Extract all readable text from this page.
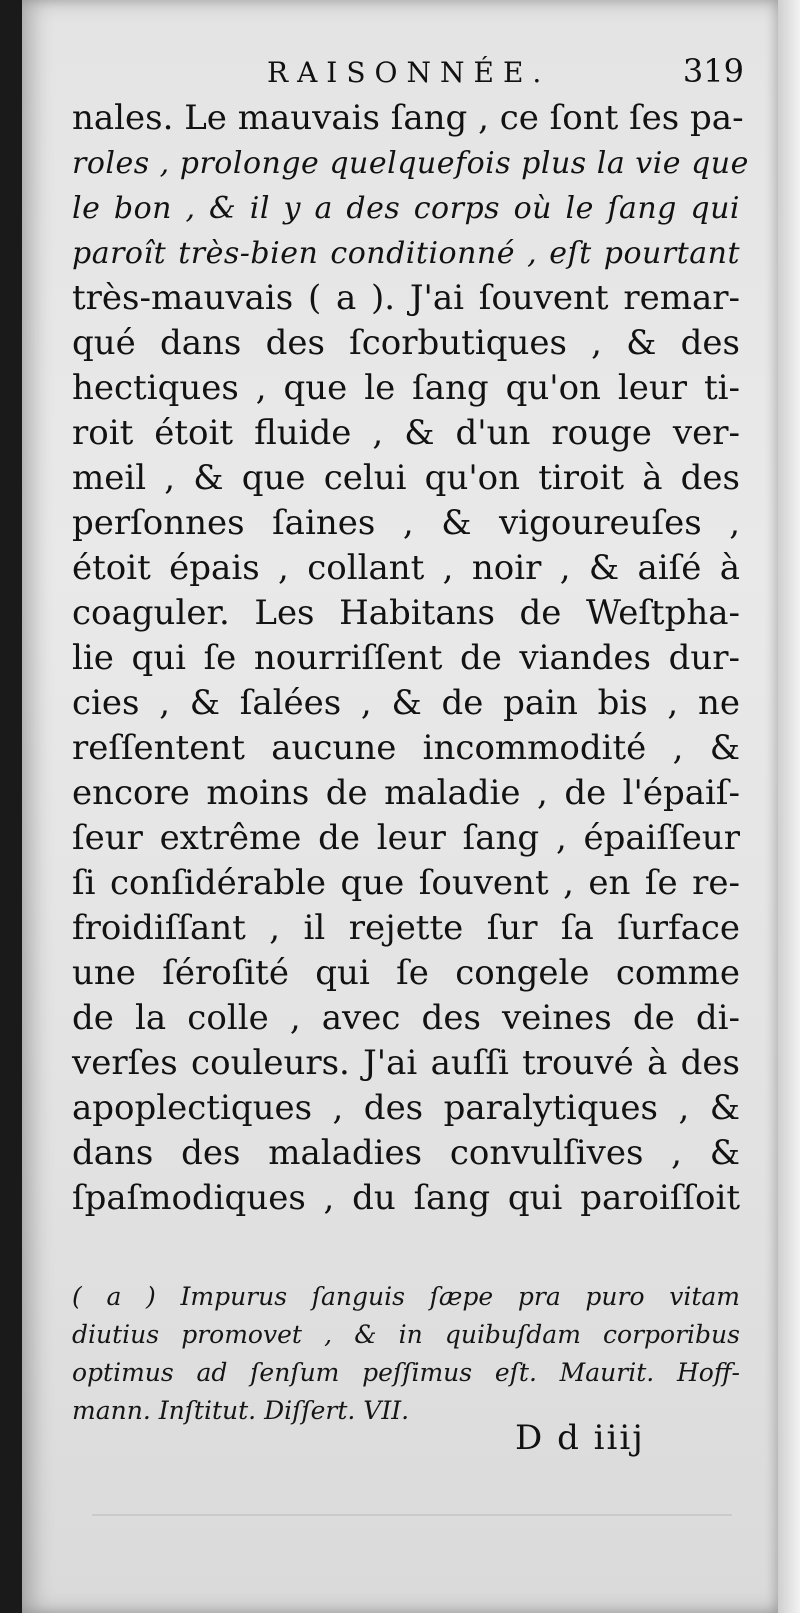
RAISONNÉE.	319
nales. Le mauvais ſang , ce ſont ſes pa-
roles , prolonge quelquefois plus la vie que
le bon , & il y a des corps où le ſang qui
paroît très-bien conditionné , eſt pourtant
très-mauvais ( a ). J'ai ſouvent remar-
qué dans des ſcorbutiques , & des
hectiques , que le ſang qu'on leur ti-
roit étoit fluide , & d'un rouge ver-
meil , & que celui qu'on tiroit à des
perſonnes ſaines , & vigoureuſes ,
étoit épais , collant , noir , & aiſé à
coaguler. Les Habitans de Weſtpha-
lie qui ſe nourriſſent de viandes dur-
cies , & ſalées , & de pain bis , ne
reſſentent aucune incommodité , &
encore moins de maladie , de l'épaiſ-
ſeur extrême de leur ſang , épaiſſeur
ſi conſidérable que ſouvent , en ſe re-
froidiſſant , il rejette ſur ſa ſurface
une ſéroſité qui ſe congele comme
de la colle , avec des veines de di-
verſes couleurs. J'ai auſſi trouvé à des
apoplectiques , des paralytiques , &
dans des maladies convulſives , &
ſpaſmodiques , du ſang qui paroiſſoit
( a ) Impurus ſanguis ſæpe pra puro vitam
diutius promovet , & in quibuſdam corporibus
optimus ad ſenſum peſſimus eſt. Maurit. Hoff-
mann. Inſtitut. Diſſert. VII.
D d iiij
